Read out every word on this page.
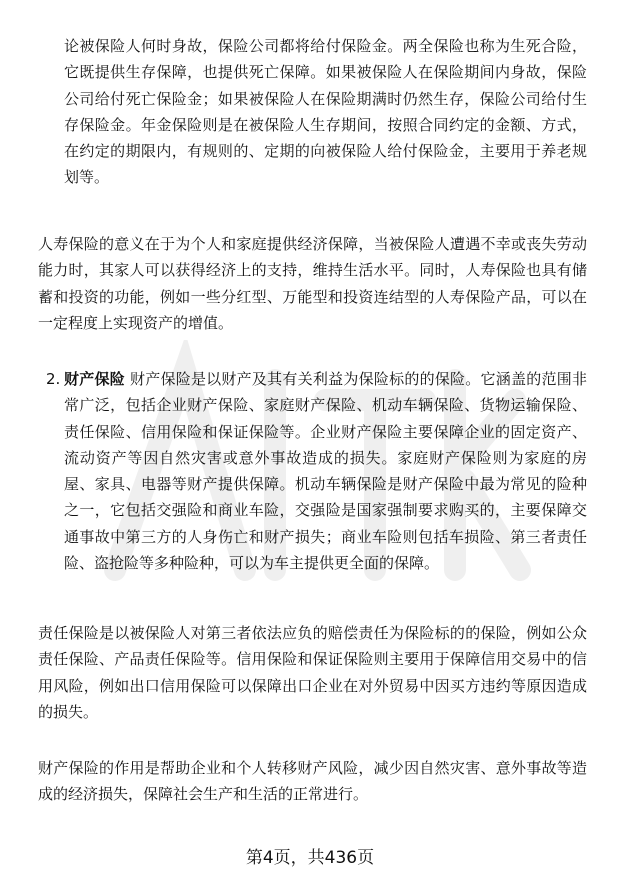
论被保险人何时身故，保险公司都将给付保险金。两全保险也称为生死合险，它既提供生存保障，也提供死亡保障。如果被保险人在保险期间内身故，保险公司给付死亡保险金；如果被保险人在保险期满时仍然生存，保险公司给付生存保险金。年金保险则是在被保险人生存期间，按照合同约定的金额、方式，在约定的期限内，有规则的、定期的向被保险人给付保险金，主要用于养老规划等。

人寿保险的意义在于为个人和家庭提供经济保障，当被保险人遭遇不幸或丧失劳动能力时，其家人可以获得经济上的支持，维持生活水平。同时，人寿保险也具有储蓄和投资的功能，例如一些分红型、万能型和投资连结型的人寿保险产品，可以在一定程度上实现资产的增值。

2. 财产保险 财产保险是以财产及其有关利益为保险标的的保险。它涵盖的范围非常广泛，包括企业财产保险、家庭财产保险、机动车辆保险、货物运输保险、责任保险、信用保险和保证保险等。企业财产保险主要保障企业的固定资产、流动资产等因自然灾害或意外事故造成的损失。家庭财产保险则为家庭的房屋、家具、电器等财产提供保障。机动车辆保险是财产保险中最为常见的险种之一，它包括交强险和商业车险，交强险是国家强制要求购买的，主要保障交通事故中第三方的人身伤亡和财产损失；商业车险则包括车损险、第三者责任险、盗抢险等多种险种，可以为车主提供更全面的保障。

责任保险是以被保险人对第三者依法应负的赔偿责任为保险标的的保险，例如公众责任保险、产品责任保险等。信用保险和保证保险则主要用于保障信用交易中的信用风险，例如出口信用保险可以保障出口企业在对外贸易中因买方违约等原因造成的损失。

财产保险的作用是帮助企业和个人转移财产风险，减少因自然灾害、意外事故等造成的经济损失，保障社会生产和生活的正常进行。

第4页，共436页
